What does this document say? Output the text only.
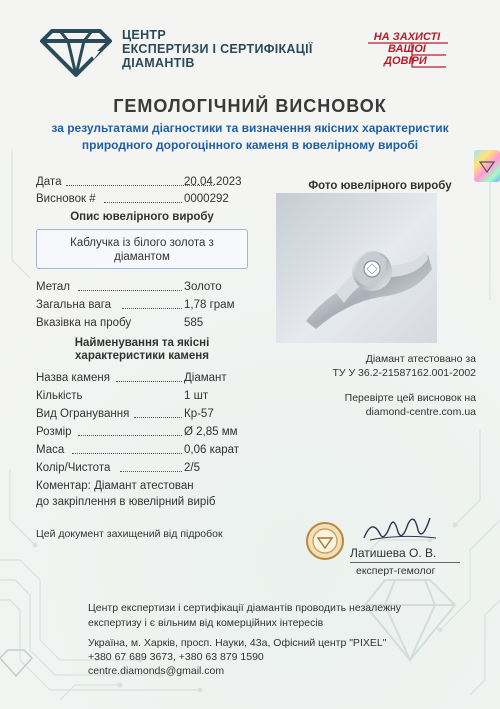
ЦЕНТР
ЕКСПЕРТИЗИ І СЕРТИФІКАЦІЇ
ДІАМАНТІВ
НА ЗАХИСТІ
ВАШОЇ
ДОВІРИ
ГЕМОЛОГІЧНИЙ ВИСНОВОК
за результатами діагностики та визначення якісних характеристик
природного дорогоцінного каменя в ювелірному виробі
Дата	20.04.2023
Висновок #	0000292
Опис ювелірного виробу
Каблучка із білого золота з
діамантом
Метал	Золото
Загальна вага	1,78 грам
Вказівка на пробу	585
Найменування та якісні
характеристики каменя
Назва каменя	Діамант
Кількість	1 шт
Вид Огранування	Кр-57
Розмір	Ø 2,85 мм
Маса	0,06 карат
Колір/Чистота	2/5
Коментар: Діамант атестован
до закріплення в ювелірний виріб
Цей документ захищений від підробок
Фото ювелірного виробу
Діамант атестовано за
ТУ У 36.2-21587162.001-2002
Перевірте цей висновок на
diamond-centre.com.ua
Латишева О. В.
експерт-гемолог
Центр експертизи і сертифікації діамантів проводить незалежну
експертизу і є вільним від комерційних інтересів
Україна, м. Харків, просп. Науки, 43а, Офісний центр "PIXEL"
+380 67 689 3673, +380 63 879 1590
centre.diamonds@gmail.com
